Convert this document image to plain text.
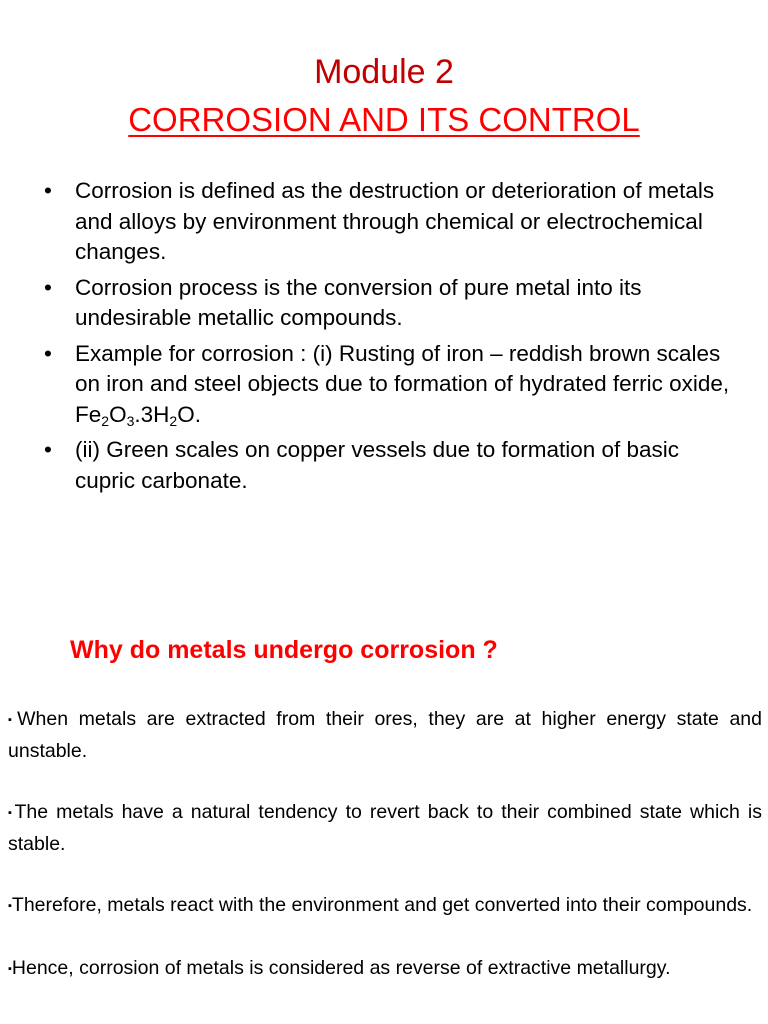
Module 2
CORROSION AND ITS CONTROL
• Corrosion is defined as the destruction or deterioration of metals and alloys by environment through chemical or electrochemical changes.
• Corrosion process is the conversion of pure metal into its undesirable metallic compounds.
• Example for corrosion : (i) Rusting of iron – reddish brown scales on iron and steel objects due to formation of hydrated ferric oxide, $Fe_2O_3.3H_2O$.
• (ii) Green scales on copper vessels due to formation of basic cupric carbonate.
Why do metals undergo corrosion ?

▪When metals are extracted from their ores, they are at higher energy state and unstable.

▪The metals have a natural tendency to revert back to their combined state which is stable.

▪Therefore, metals react with the environment and get converted into their compounds.

▪Hence, corrosion of metals is considered as reverse of extractive metallurgy.
